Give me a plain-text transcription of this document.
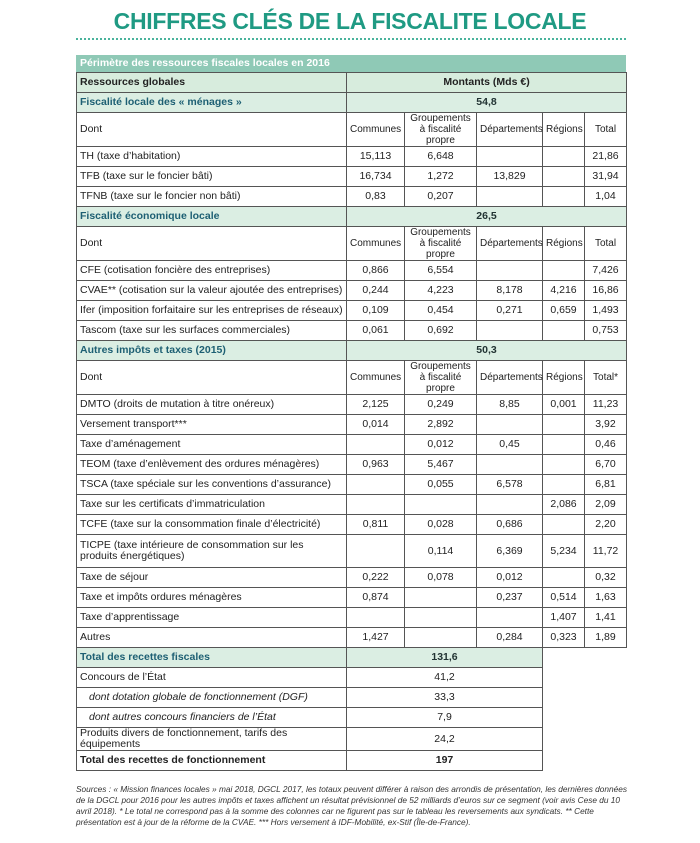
CHIFFRES CLÉS DE LA FISCALITE LOCALE
Périmètre des ressources fiscales locales en 2016
Ressources globales	Montants (Mds €)				
Fiscalité locale des « ménages »	54,8				
Dont	Communes	Groupements à fiscalité propre	Départements	Régions	Total
TH (taxe d’habitation)	15,113	6,648			21,86
TFB (taxe sur le foncier bâti)	16,734	1,272	13,829		31,94
TFNB (taxe sur le foncier non bâti)	0,83	0,207			1,04
Fiscalité économique locale	26,5				
Dont	Communes	Groupements à fiscalité propre	Départements	Régions	Total
CFE (cotisation foncière des entreprises)	0,866	6,554			7,426
CVAE** (cotisation sur la valeur ajoutée des entreprises)	0,244	4,223	8,178	4,216	16,86
Ifer (imposition forfaitaire sur les entreprises de réseaux)	0,109	0,454	0,271	0,659	1,493
Tascom (taxe sur les surfaces commerciales)	0,061	0,692			0,753
Autres impôts et taxes (2015)	50,3				
Dont	Communes	Groupements à fiscalité propre	Départements	Régions	Total*
DMTO (droits de mutation à titre onéreux)	2,125	0,249	8,85	0,001	11,23
Versement transport***	0,014	2,892			3,92
Taxe d’aménagement		0,012	0,45		0,46
TEOM (taxe d’enlèvement des ordures ménagères)	0,963	5,467			6,70
TSCA (taxe spéciale sur les conventions d’assurance)		0,055	6,578		6,81
Taxe sur les certificats d’immatriculation				2,086	2,09
TCFE (taxe sur la consommation finale d’électricité)	0,811	0,028	0,686		2,20
TICPE (taxe intérieure de consommation sur les produits énergétiques)		0,114	6,369	5,234	11,72
Taxe de séjour	0,222	0,078	0,012		0,32
Taxe et impôts ordures ménagères	0,874		0,237	0,514	1,63
Taxe d’apprentissage				1,407	1,41
Autres	1,427		0,284	0,323	1,89
Total des recettes fiscales	131,6				
Concours de l’État	41,2				
dont dotation globale de fonctionnement (DGF)	33,3				
dont autres concours financiers de l’État	7,9				
Produits divers de fonctionnement, tarifs des équipements	24,2				
Total des recettes de fonctionnement	197				
Sources : « Mission finances locales » mai 2018, DGCL 2017, les totaux peuvent différer à raison des arrondis de présentation, les dernières données de la DGCL pour 2016 pour les autres impôts et taxes affichent un résultat prévisionnel de 52 milliards d’euros sur ce segment (voir avis Cese du 10 avril 2018). * Le total ne correspond pas à la somme des colonnes car ne figurent pas sur le tableau les reversements aux syndicats. ** Cette présentation est à jour de la réforme de la CVAE. *** Hors versement à IDF-Mobilité, ex-Stif (Île-de-France).
